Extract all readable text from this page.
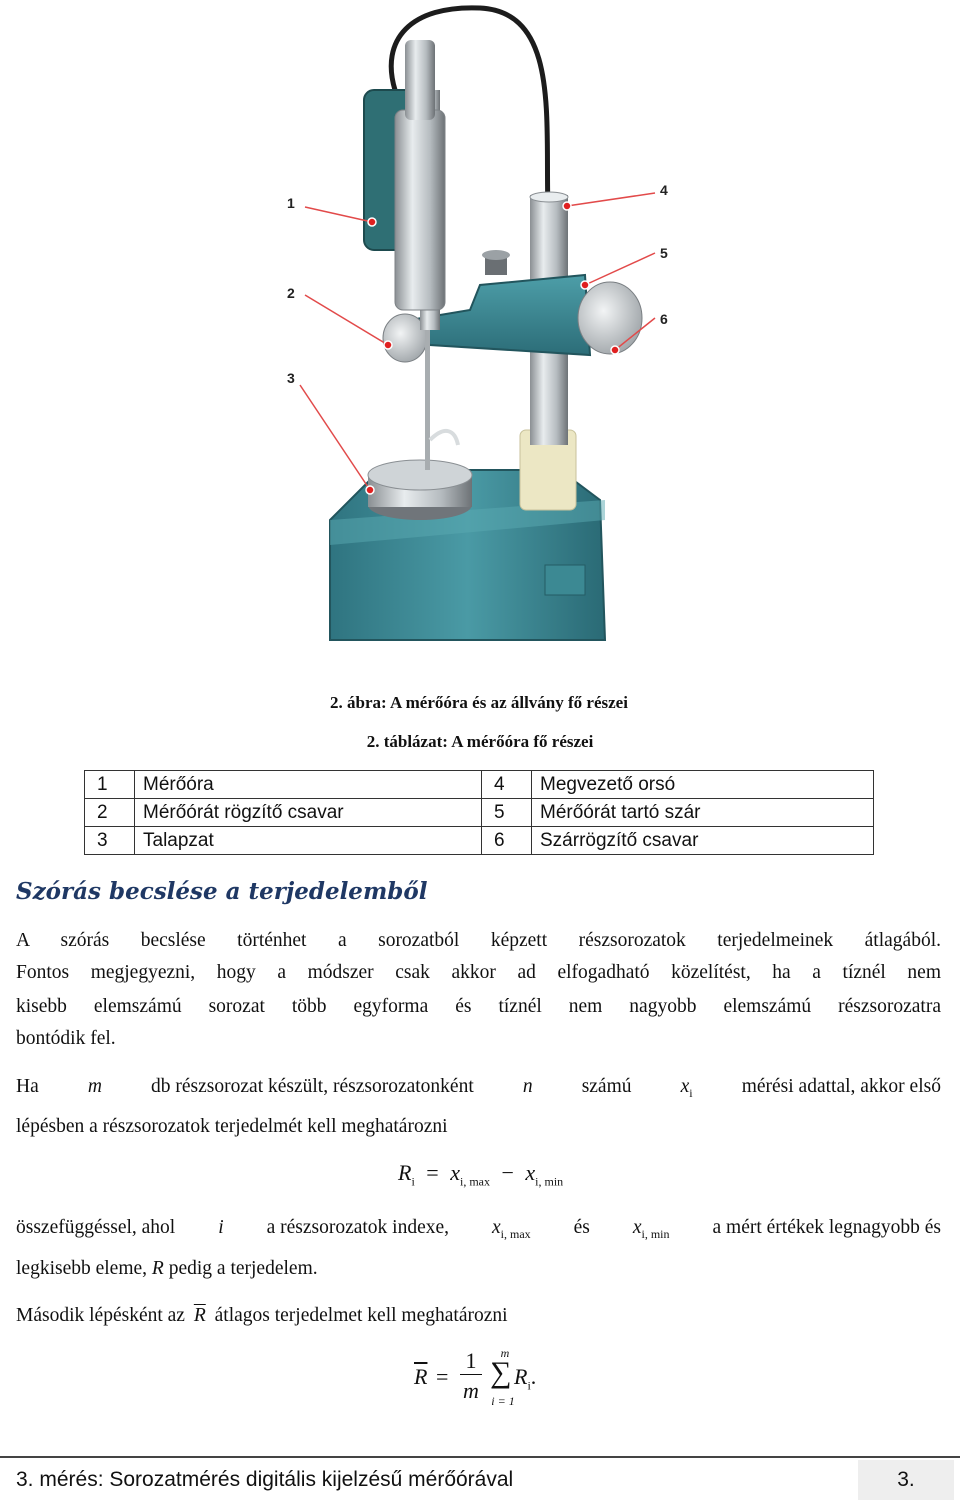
1
2
3
4
5
6
2. ábra: A mérőóra és az állvány fő részei
2. táblázat: A mérőóra fő részei
1	Mérőóra	4	Megvezető orsó
2	Mérőórát rögzítő csavar	5	Mérőórát tartó szár
3	Talapzat	6	Szárrögzítő csavar
Szórás becslése a terjedelemből
A szórás becslése történhet a sorozatból képzett részsorozatok terjedelmeinek átlagából.
Fontos megjegyezni, hogy a módszer csak akkor ad elfogadható közelítést, ha a tíznél nem
kisebb elemszámú sorozat több egyforma és tíznél nem nagyobb elemszámú részsorozatra
bontódik fel.
Ha	m	db részsorozat készült, részsorozatonként	n	számú	$x_i$	mérési adattal, akkor első
lépésben a részsorozatok terjedelmét kell meghatározni
$R_i = x_{i, max} - x_{i, min}$
összefüggéssel, ahol i a részsorozatok indexe, $x_{i, max}$ és $x_{i, min}$ a mért értékek legnagyobb és
legkisebb eleme, R pedig a terjedelem.
Második lépésként az $\overline{R}$ átlagos terjedelmet kell meghatározni
$\overline{R}$ =
1
m
m
∑
i = 1
$R_i$.
3. mérés: Sorozatmérés digitális kijelzésű mérőórával	3.
